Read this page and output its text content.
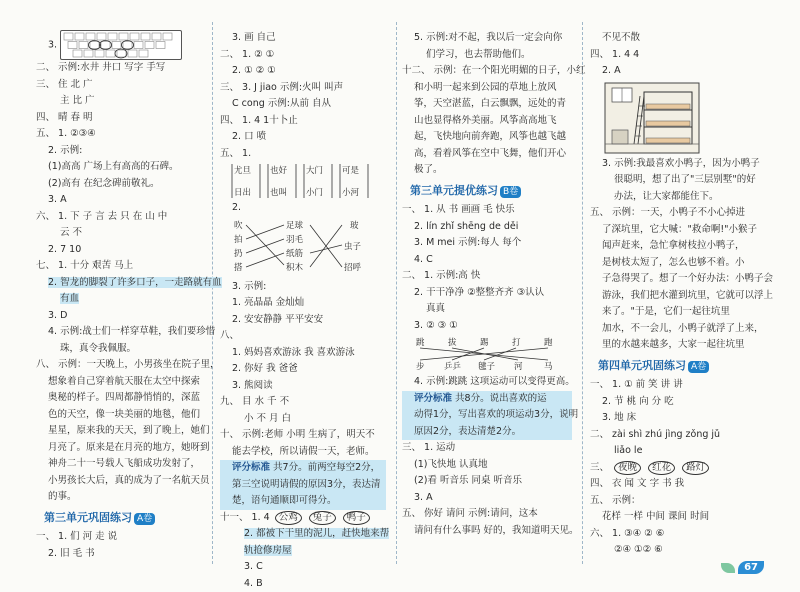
3.
二、 示例:水井 井口 写字 手写
三、 住 北 广
主 比 广
四、 晴 春 明
五、 1. ②③④
2. 示例:
(1)高高 广场上有高高的石碑。
(2)高有 在纪念碑前敬礼。
3. A
六、 1. 下 子 言 去 只 在 山 中
云 不
2. 7 10
七、 1. 十分 艰苦 马上
2. 智龙的脚裂了许多口子，一走路就有血
有血
3. D
4. 示例:战士们一样穿草鞋，我们要珍惜
珠，真令我佩服。
八、 示例：一天晚上，小男孩坐在院子里，
想象着自己穿着航天服在太空中探索
奥秘的样子。四周都静悄悄的，深蓝
色的天空，像一块美丽的地毯，他们
星星，原来我的天天，到了晚上，她们
月亮了。原来是在月亮的地方，她呀到
神舟二十一号载人飞船成功发射了，
小男孩长大后，真的成为了一名航天员
的事。
第三单元巩固练习 A卷
一、 1. 们 河 走 说
2. 旧 毛 书
3. 画 自己
二、 1. ② ①
2. ① ② ①
三、 3. J jiao 示例:火叫 叫声
C cong 示例:从前 自从
四、 1. 4 1十卜止
2. 口 喷
五、 1.
尤旦 也好 大门 可是
日出 也叫 小门 小河
2.
吹
拍
扔
搭
足球
羽毛
纸筋
积木
玻
虫子
招呼
3. 示例:
1. 亮晶晶 金灿灿
2. 安安静静 平平安安
八、
1. 妈妈喜欢游泳 我 喜欢游泳
2. 你好 我 爸爸
3. 熊阅读
九、 目 水 千 不
小 不 月 白
十、 示例:老师 小明 生病了，明天不
能去学校，所以请假一天，老师。
评分标准 共7分。前两空每空2分，
第三空说明请假的原因3分，表达清
楚，语句通顺即可得分。
十一、 1. 4 公鸡 兔子 鸭子
2. 都被下干里的泥儿，赶快地来帮
轨抢修房屋
3. C
4. B
5. 示例:对不起，我以后一定会向你
们学习，也去帮助他们。
十二、 示例：在一个阳光明媚的日子，小红
和小明一起来到公园的草地上放风
筝，天空湛蓝，白云飘飘，远处的青
山也显得格外美丽。风筝高高地飞
起，飞快地向前奔跑，风筝也越飞越
高，看着风筝在空中飞舞，他们开心
极了。
第三单元提优练习 B卷
一、 1. 从 书 画画 毛 快乐
2. lín zhǐ shēng de děi
3. M mei 示例:每人 每个
4. C
二、 1. 示例:高 快
2. 干干净净 ②整整齐齐 ③认认
真真
3. ② ③ ①
跳	拔	踢	打	跑
步 乒乒 毽子 河	马
4. 示例:跳跳 这项运动可以变得更高。
评分标准 共8分。说出喜欢的运
动得1分，写出喜欢的项运动3分，说明
原因2分，表达清楚2分。
三、 1. 运动
(1)飞快地 认真地
(2)看 听音乐 同桌 听音乐
3. A
五、 你好 请问 示例:请问，这本
请问有什么事吗 好的，我知道明天见。
不见不散
四、 1. 4 4
2. A
3. 示例:我最喜欢小鸭子，因为小鸭子
很聪明，想了出了"三层别墅"的好
办法，让大家都能住下。
五、 示例：一天，小鸭子不小心掉进
了深坑里，它大喊："救命啊!"小猴子
闻声赶来，急忙拿树枝拉小鸭子，
是树枝太短了，怎么也够不着。小
子急得哭了。想了一个好办法：小鸭子会
游泳，我们把水灌到坑里，它就可以浮上
来了。"于是，它们一起往坑里
加水，不一会儿，小鸭子就浮了上来，
里的水越来越多，大家一起往坑里
第四单元巩固练习 A卷
一、 1. ① 前 笑 讲 讲
2. 节 桃 向 分 吃
3. 地 床
二、 zài shì zhú jìng zǒng jǔ
liǎo le
三、 夜晚 红花 路灯
四、 衣 闻 文 字 书 我
五、 示例：
花样 一样 中间 课间 时间
六、 1. ③④ ② ⑥
②④ ①② ⑥
67
